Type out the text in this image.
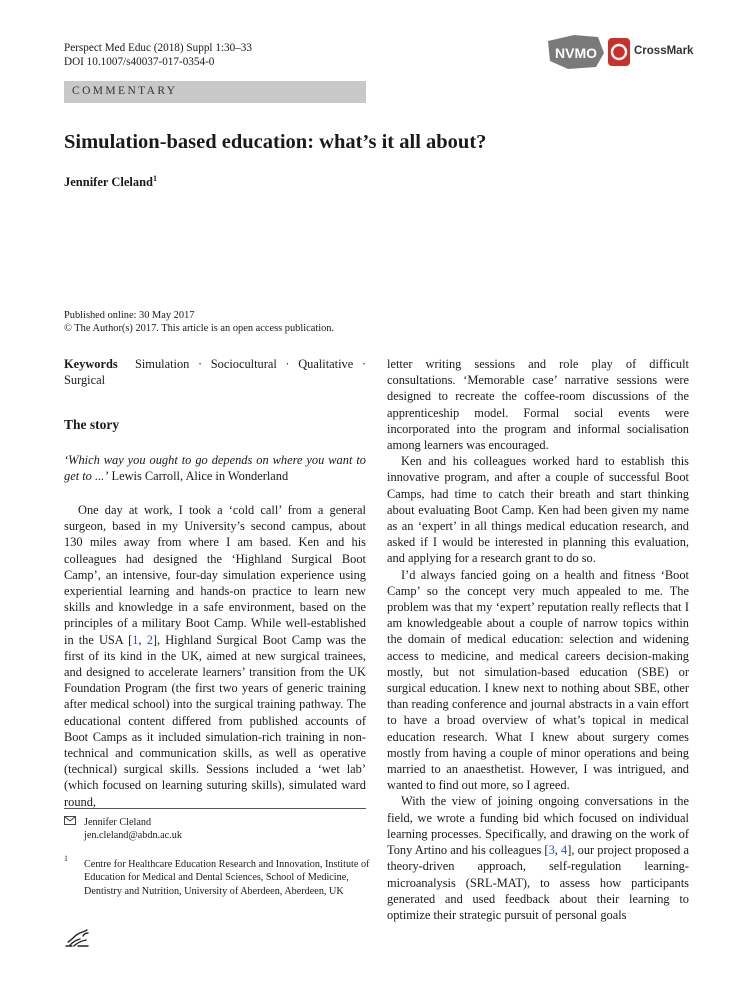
Perspect Med Educ (2018) Suppl 1:30–33
DOI 10.1007/s40037-017-0354-0
NVMO	CrossMark
COMMENTARY
Simulation-based education: what’s it all about?
Jennifer Cleland$^1$
Published online: 30 May 2017
© The Author(s) 2017. This article is an open access publication.

Keywords Simulation · Sociocultural · Qualitative · Surgical

The story

‘Which way you ought to go depends on where you want to get to ...’ Lewis Carroll, Alice in Wonderland

One day at work, I took a ‘cold call’ from a general surgeon, based in my University’s second campus, about 130 miles away from where I am based. Ken and his colleagues had designed the ‘Highland Surgical Boot Camp’, an intensive, four-day simulation experience using experiential learning and hands-on practice to learn new skills and knowledge in a safe environment, based on the principles of a military Boot Camp. While well-established in the USA [1, 2], Highland Surgical Boot Camp was the first of its kind in the UK, aimed at new surgical trainees, and designed to accelerate learners’ transition from the UK Foundation Program (the first two years of generic training after medical school) into the surgical training pathway. The educational content differed from published accounts of Boot Camps as it included simulation-rich training in non-technical and communication skills, as well as operative (technical) surgical skills. Sessions included a ‘wet lab’ (which focused on learning suturing skills), simulated ward round,

letter writing sessions and role play of difficult consultations. ‘Memorable case’ narrative sessions were designed to recreate the coffee-room discussions of the apprenticeship model. Formal social events were incorporated into the program and informal socialisation among learners was encouraged.

Ken and his colleagues worked hard to establish this innovative program, and after a couple of successful Boot Camps, had time to catch their breath and start thinking about evaluating Boot Camp. Ken had been given my name as an ‘expert’ in all things medical education research, and asked if I would be interested in planning this evaluation, and applying for a research grant to do so.

I’d always fancied going on a health and fitness ‘Boot Camp’ so the concept very much appealed to me. The problem was that my ‘expert’ reputation really reflects that I am knowledgeable about a couple of narrow topics within the domain of medical education: selection and widening access to medicine, and medical careers decision-making mostly, but not simulation-based education (SBE) or surgical education. I knew next to nothing about SBE, other than reading conference and journal abstracts in a vain effort to have a broad overview of what’s topical in medical education research. What I knew about surgery comes mostly from having a couple of minor operations and being married to an anaesthetist. However, I was intrigued, and wanted to find out more, so I agreed.

With the view of joining ongoing conversations in the field, we wrote a funding bid which focused on individual learning processes. Specifically, and drawing on the work of Tony Artino and his colleagues [3, 4], our project proposed a theory-driven approach, self-regulation learning-microanalysis (SRL-MAT), to assess how participants generated and used feedback about their learning to optimize their strategic pursuit of personal goals

Jennifer Cleland
jen.cleland@abdn.ac.uk
1
Centre for Healthcare Education Research and Innovation, Institute of Education for Medical and Dental Sciences, School of Medicine, Dentistry and Nutrition, University of Aberdeen, Aberdeen, UK
